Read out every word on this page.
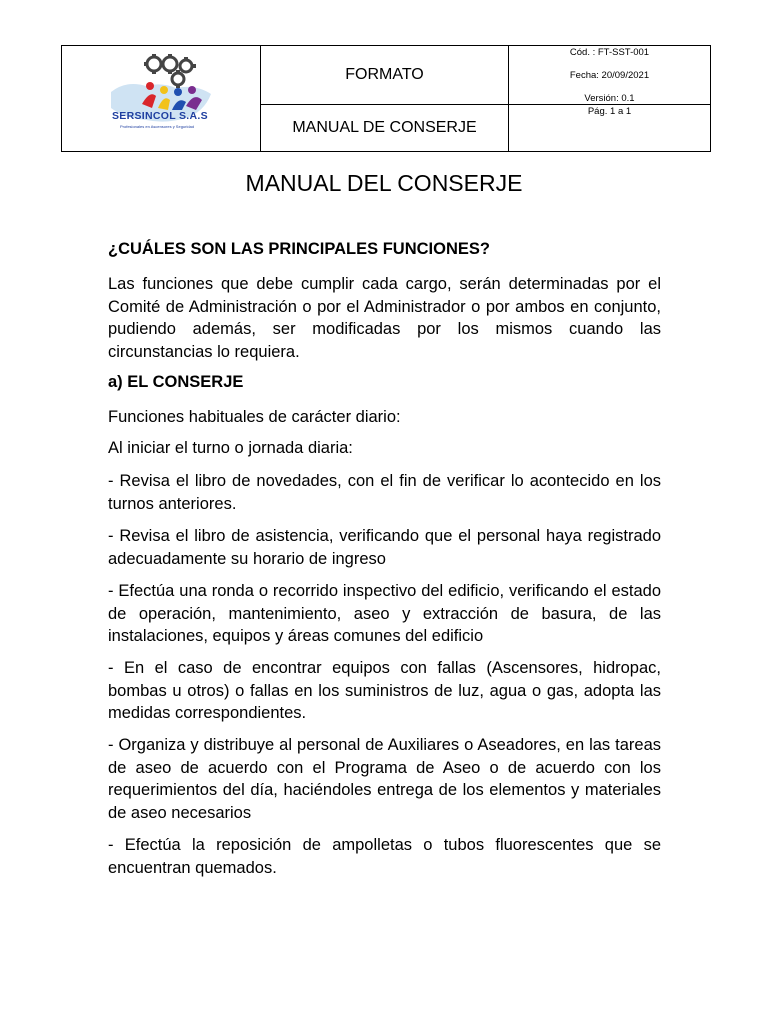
SERSINCOL S.A.S
Profesionales en Ascensores y Seguridad
FORMATO
MANUAL DE CONSERJE
Cód. : FT-SST-001
Fecha: 20/09/2021
Versión: 0.1
Pág. 1 a 1
MANUAL DEL CONSERJE
¿CUÁLES SON LAS PRINCIPALES FUNCIONES?
Las funciones que debe cumplir cada cargo, serán determinadas por el Comité de Administración o por el Administrador o por ambos en conjunto, pudiendo además, ser modificadas por los mismos cuando las circunstancias lo requiera.
a) EL CONSERJE
Funciones habituales de carácter diario:
Al iniciar el turno o jornada diaria:
- Revisa el libro de novedades, con el fin de verificar lo acontecido en los turnos anteriores.
- Revisa el libro de asistencia, verificando que el personal haya registrado adecuadamente su horario de ingreso
- Efectúa una ronda o recorrido inspectivo del edificio, verificando el estado de operación, mantenimiento, aseo y extracción de basura, de las instalaciones, equipos y áreas comunes del edificio
- En el caso de encontrar equipos con fallas (Ascensores, hidropac, bombas u otros) o fallas en los suministros de luz, agua o gas, adopta las medidas correspondientes.
- Organiza y distribuye al personal de Auxiliares o Aseadores, en las tareas de aseo de acuerdo con el Programa de Aseo o de acuerdo con los requerimientos del día, haciéndoles entrega de los elementos y materiales de aseo necesarios
- Efectúa la reposición de ampolletas o tubos fluorescentes que se encuentran quemados.
